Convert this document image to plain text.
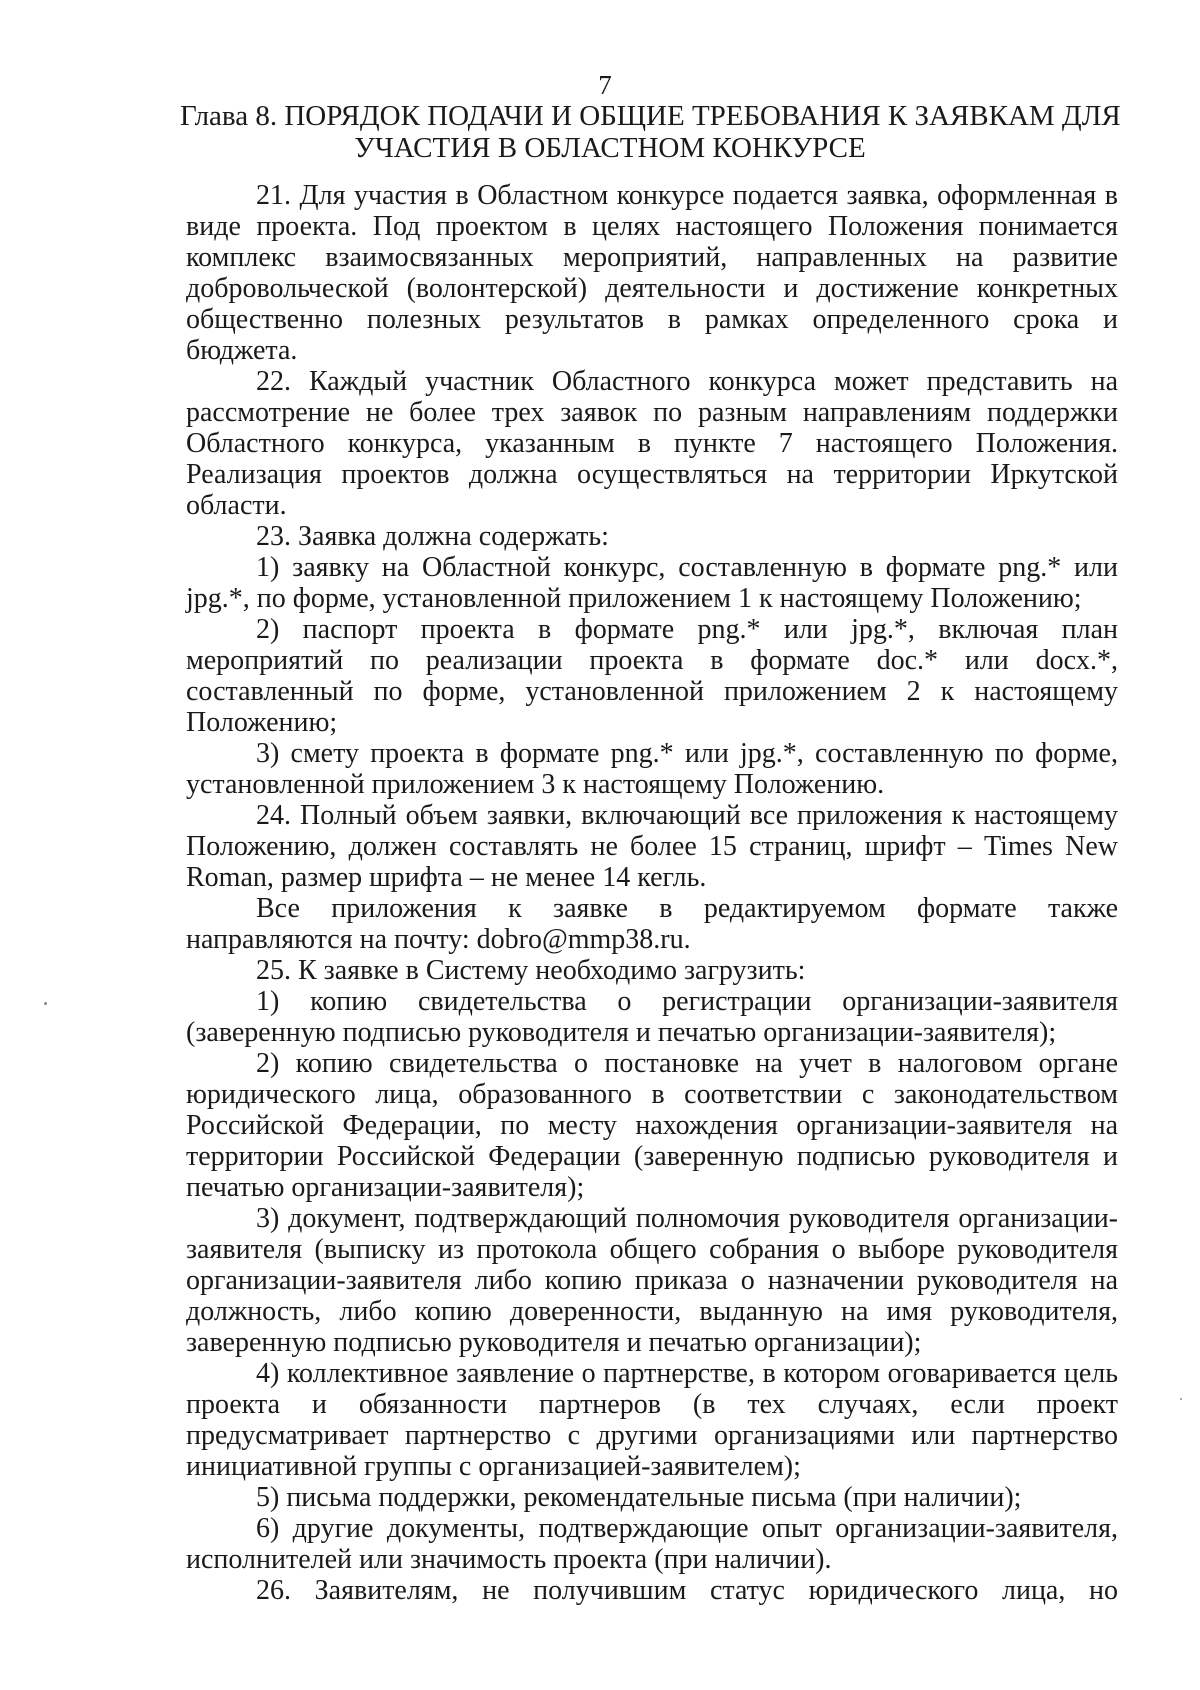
7
Глава 8. ПОРЯДОК ПОДАЧИ И ОБЩИЕ ТРЕБОВАНИЯ К ЗАЯВКАМ ДЛЯ
УЧАСТИЯ В ОБЛАСТНОМ КОНКУРСЕ

21. Для участия в Областном конкурсе подается заявка, оформленная в виде проекта. Под проектом в целях настоящего Положения понимается комплекс взаимосвязанных мероприятий, направленных на развитие добровольческой (волонтерской) деятельности и достижение конкретных общественно полезных результатов в рамках определенного срока и бюджета.

22. Каждый участник Областного конкурса может представить на рассмотрение не более трех заявок по разным направлениям поддержки Областного конкурса, указанным в пункте 7 настоящего Положения. Реализация проектов должна осуществляться на территории Иркутской области.

23. Заявка должна содержать:

1) заявку на Областной конкурс, составленную в формате png.* или jpg.*, по форме, установленной приложением 1 к настоящему Положению;

2) паспорт проекта в формате png.* или jpg.*, включая план мероприятий по реализации проекта в формате doc.* или docx.*, составленный по форме, установленной приложением 2 к настоящему Положению;

3) смету проекта в формате png.* или jpg.*, составленную по форме, установленной приложением 3 к настоящему Положению.

24. Полный объем заявки, включающий все приложения к настоящему Положению, должен составлять не более 15 страниц, шрифт – Times New Roman, размер шрифта – не менее 14 кегль.

Все приложения к заявке в редактируемом формате также направляются на почту: dobro@mmp38.ru.

25. К заявке в Систему необходимо загрузить:

1) копию свидетельства о регистрации организации-заявителя (заверенную подписью руководителя и печатью организации-заявителя);

2) копию свидетельства о постановке на учет в налоговом органе юридического лица, образованного в соответствии с законодательством Российской Федерации, по месту нахождения организации-заявителя на территории Российской Федерации (заверенную подписью руководителя и печатью организации-заявителя);

3) документ, подтверждающий полномочия руководителя организации-заявителя (выписку из протокола общего собрания о выборе руководителя организации-заявителя либо копию приказа о назначении руководителя на должность, либо копию доверенности, выданную на имя руководителя, заверенную подписью руководителя и печатью организации);

4) коллективное заявление о партнерстве, в котором оговаривается цель проекта и обязанности партнеров (в тех случаях, если проект предусматривает партнерство с другими организациями или партнерство инициативной группы с организацией-заявителем);

5) письма поддержки, рекомендательные письма (при наличии);

6) другие документы, подтверждающие опыт организации-заявителя, исполнителей или значимость проекта (при наличии).

26. Заявителям, не получившим статус юридического лица, но
